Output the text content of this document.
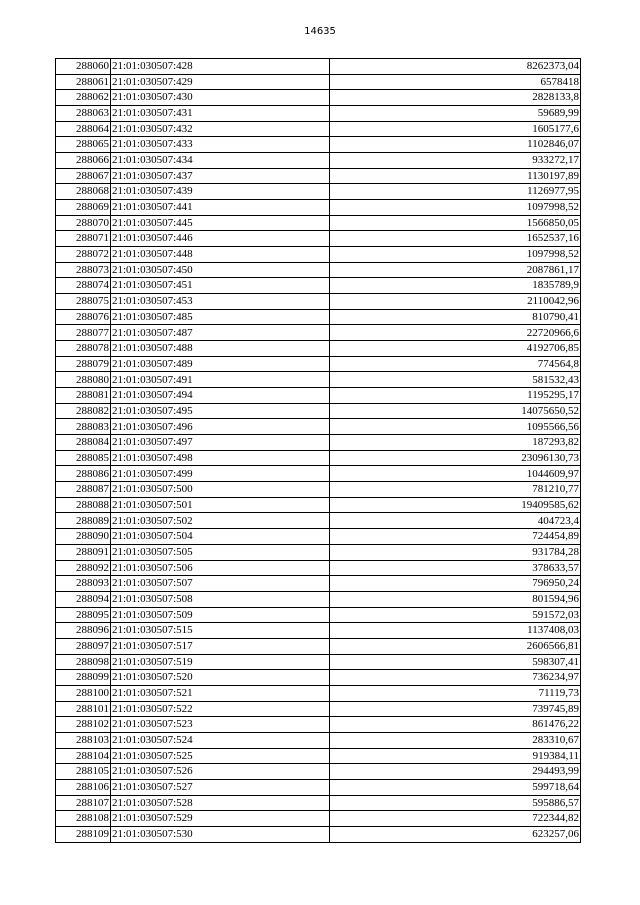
14635
288060	21:01:030507:428	8262373,04
288061	21:01:030507:429	6578418
288062	21:01:030507:430	2828133,8
288063	21:01:030507:431	59689,99
288064	21:01:030507:432	1605177,6
288065	21:01:030507:433	1102846,07
288066	21:01:030507:434	933272,17
288067	21:01:030507:437	1130197,89
288068	21:01:030507:439	1126977,95
288069	21:01:030507:441	1097998,52
288070	21:01:030507:445	1566850,05
288071	21:01:030507:446	1652537,16
288072	21:01:030507:448	1097998,52
288073	21:01:030507:450	2087861,17
288074	21:01:030507:451	1835789,9
288075	21:01:030507:453	2110042,96
288076	21:01:030507:485	810790,41
288077	21:01:030507:487	22720966,6
288078	21:01:030507:488	4192706,85
288079	21:01:030507:489	774564,8
288080	21:01:030507:491	581532,43
288081	21:01:030507:494	1195295,17
288082	21:01:030507:495	14075650,52
288083	21:01:030507:496	1095566,56
288084	21:01:030507:497	187293,82
288085	21:01:030507:498	23096130,73
288086	21:01:030507:499	1044609,97
288087	21:01:030507:500	781210,77
288088	21:01:030507:501	19409585,62
288089	21:01:030507:502	404723,4
288090	21:01:030507:504	724454,89
288091	21:01:030507:505	931784,28
288092	21:01:030507:506	378633,57
288093	21:01:030507:507	796950,24
288094	21:01:030507:508	801594,96
288095	21:01:030507:509	591572,03
288096	21:01:030507:515	1137408,03
288097	21:01:030507:517	2606566,81
288098	21:01:030507:519	598307,41
288099	21:01:030507:520	736234,97
288100	21:01:030507:521	71119,73
288101	21:01:030507:522	739745,89
288102	21:01:030507:523	861476,22
288103	21:01:030507:524	283310,67
288104	21:01:030507:525	919384,11
288105	21:01:030507:526	294493,99
288106	21:01:030507:527	599718,64
288107	21:01:030507:528	595886,57
288108	21:01:030507:529	722344,82
288109	21:01:030507:530	623257,06
